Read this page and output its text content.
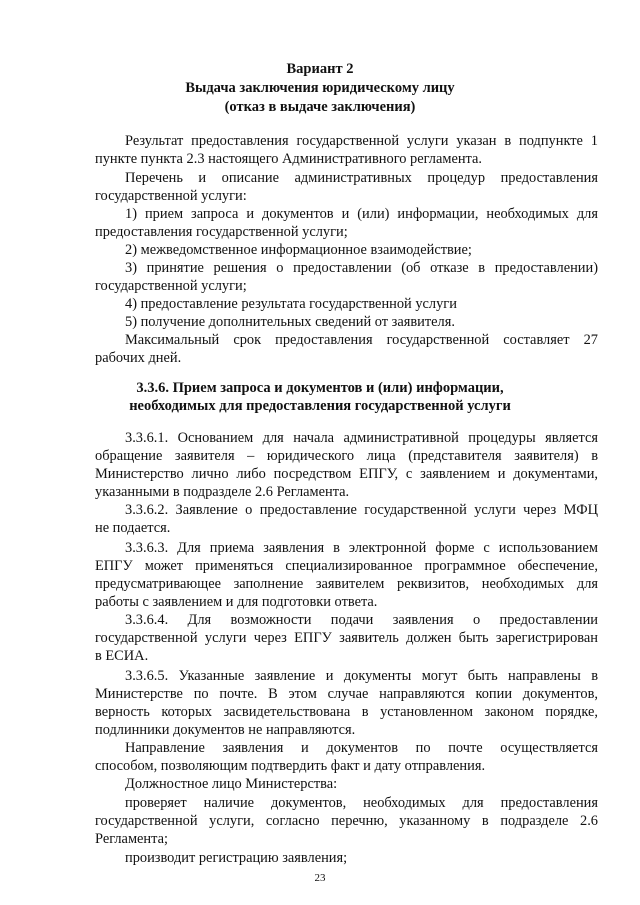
Вариант 2
Выдача заключения юридическому лицу
(отказ в выдаче заключения)
Результат предоставления государственной услуги указан в подпункте 1
пункте пункта 2.3 настоящего Административного регламента.
Перечень и описание административных процедур предоставления
государственной услуги:
1) прием запроса и документов и (или) информации, необходимых для
предоставления государственной услуги;
2) межведомственное информационное взаимодействие;
3) принятие решения о предоставлении (об отказе в предоставлении)
государственной услуги;
4) предоставление результата государственной услуги
5) получение дополнительных сведений от заявителя.
Максимальный срок предоставления государственной составляет 27
рабочих дней.
3.3.6. Прием запроса и документов и (или) информации,
необходимых для предоставления государственной услуги
3.3.6.1. Основанием для начала административной процедуры является
обращение заявителя – юридического лица (представителя заявителя) в
Министерство лично либо посредством ЕПГУ, с заявлением и документами,
указанными в подразделе 2.6 Регламента.
3.3.6.2. Заявление о предоставление государственной услуги через МФЦ
не подается.
3.3.6.3. Для приема заявления в электронной форме с использованием
ЕПГУ может применяться специализированное программное обеспечение,
предусматривающее заполнение заявителем реквизитов, необходимых для
работы с заявлением и для подготовки ответа.
3.3.6.4. Для возможности подачи заявления о предоставлении
государственной услуги через ЕПГУ заявитель должен быть зарегистрирован
в ЕСИА.
3.3.6.5. Указанные заявление и документы могут быть направлены в
Министерстве по почте. В этом случае направляются копии документов,
верность которых засвидетельствована в установленном законом порядке,
подлинники документов не направляются.
Направление заявления и документов по почте осуществляется
способом, позволяющим подтвердить факт и дату отправления.
Должностное лицо Министерства:
проверяет наличие документов, необходимых для предоставления
государственной услуги, согласно перечню, указанному в подразделе 2.6
Регламента;
производит регистрацию заявления;
23
